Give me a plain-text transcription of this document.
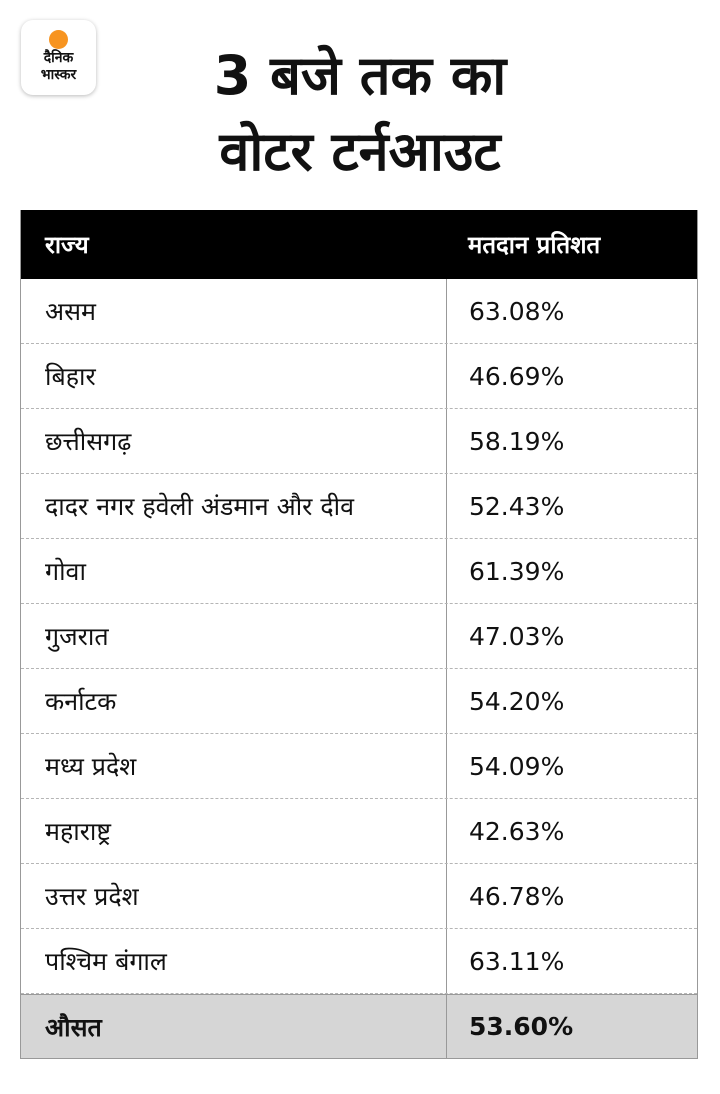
दैनिक
भास्कर	3 बजे तक का
वोटर टर्नआउट
राज्य	मतदान प्रतिशत
असम	63.08%
बिहार	46.69%
छत्तीसगढ़	58.19%
दादर नगर हवेली अंडमान और दीव	52.43%
गोवा	61.39%
गुजरात	47.03%
कर्नाटक	54.20%
मध्य प्रदेश	54.09%
महाराष्ट्र	42.63%
उत्तर प्रदेश	46.78%
पश्चिम बंगाल	63.11%
औसत	53.60%
